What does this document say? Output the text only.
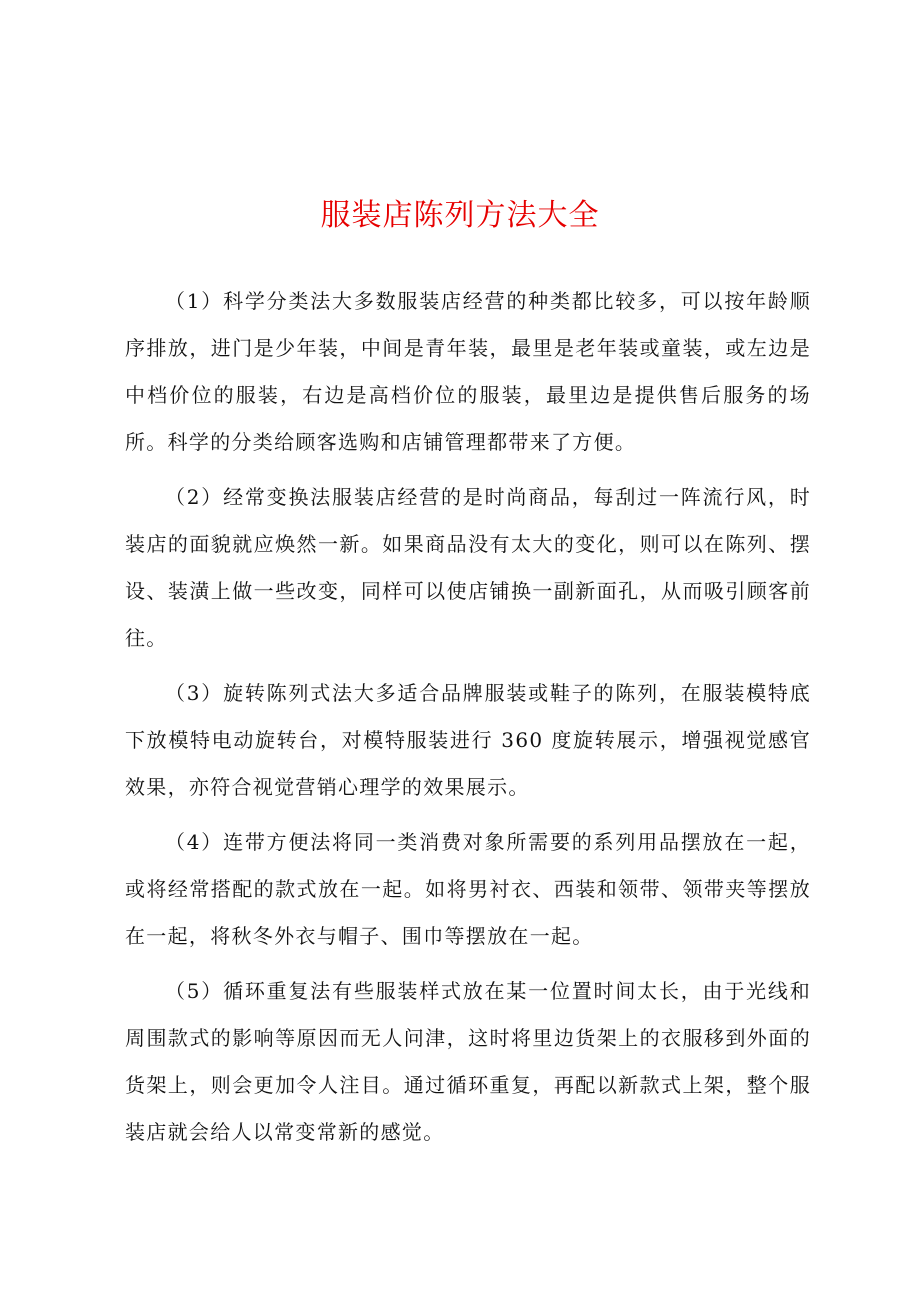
服装店陈列方法大全

（1）科学分类法大多数服装店经营的种类都比较多，可以按年龄顺序排放，进门是少年装，中间是青年装，最里是老年装或童装，或左边是中档价位的服装，右边是高档价位的服装，最里边是提供售后服务的场所。科学的分类给顾客选购和店铺管理都带来了方便。

（2）经常变换法服装店经营的是时尚商品，每刮过一阵流行风，时装店的面貌就应焕然一新。如果商品没有太大的变化，则可以在陈列、摆设、装潢上做一些改变，同样可以使店铺换一副新面孔，从而吸引顾客前往。

（3）旋转陈列式法大多适合品牌服装或鞋子的陈列，在服装模特底下放模特电动旋转台，对模特服装进行 360 度旋转展示，增强视觉感官效果，亦符合视觉营销心理学的效果展示。

（4）连带方便法将同一类消费对象所需要的系列用品摆放在一起，或将经常搭配的款式放在一起。如将男衬衣、西装和领带、领带夹等摆放在一起，将秋冬外衣与帽子、围巾等摆放在一起。

（5）循环重复法有些服装样式放在某一位置时间太长，由于光线和周围款式的影响等原因而无人问津，这时将里边货架上的衣服移到外面的货架上，则会更加令人注目。通过循环重复，再配以新款式上架，整个服装店就会给人以常变常新的感觉。
